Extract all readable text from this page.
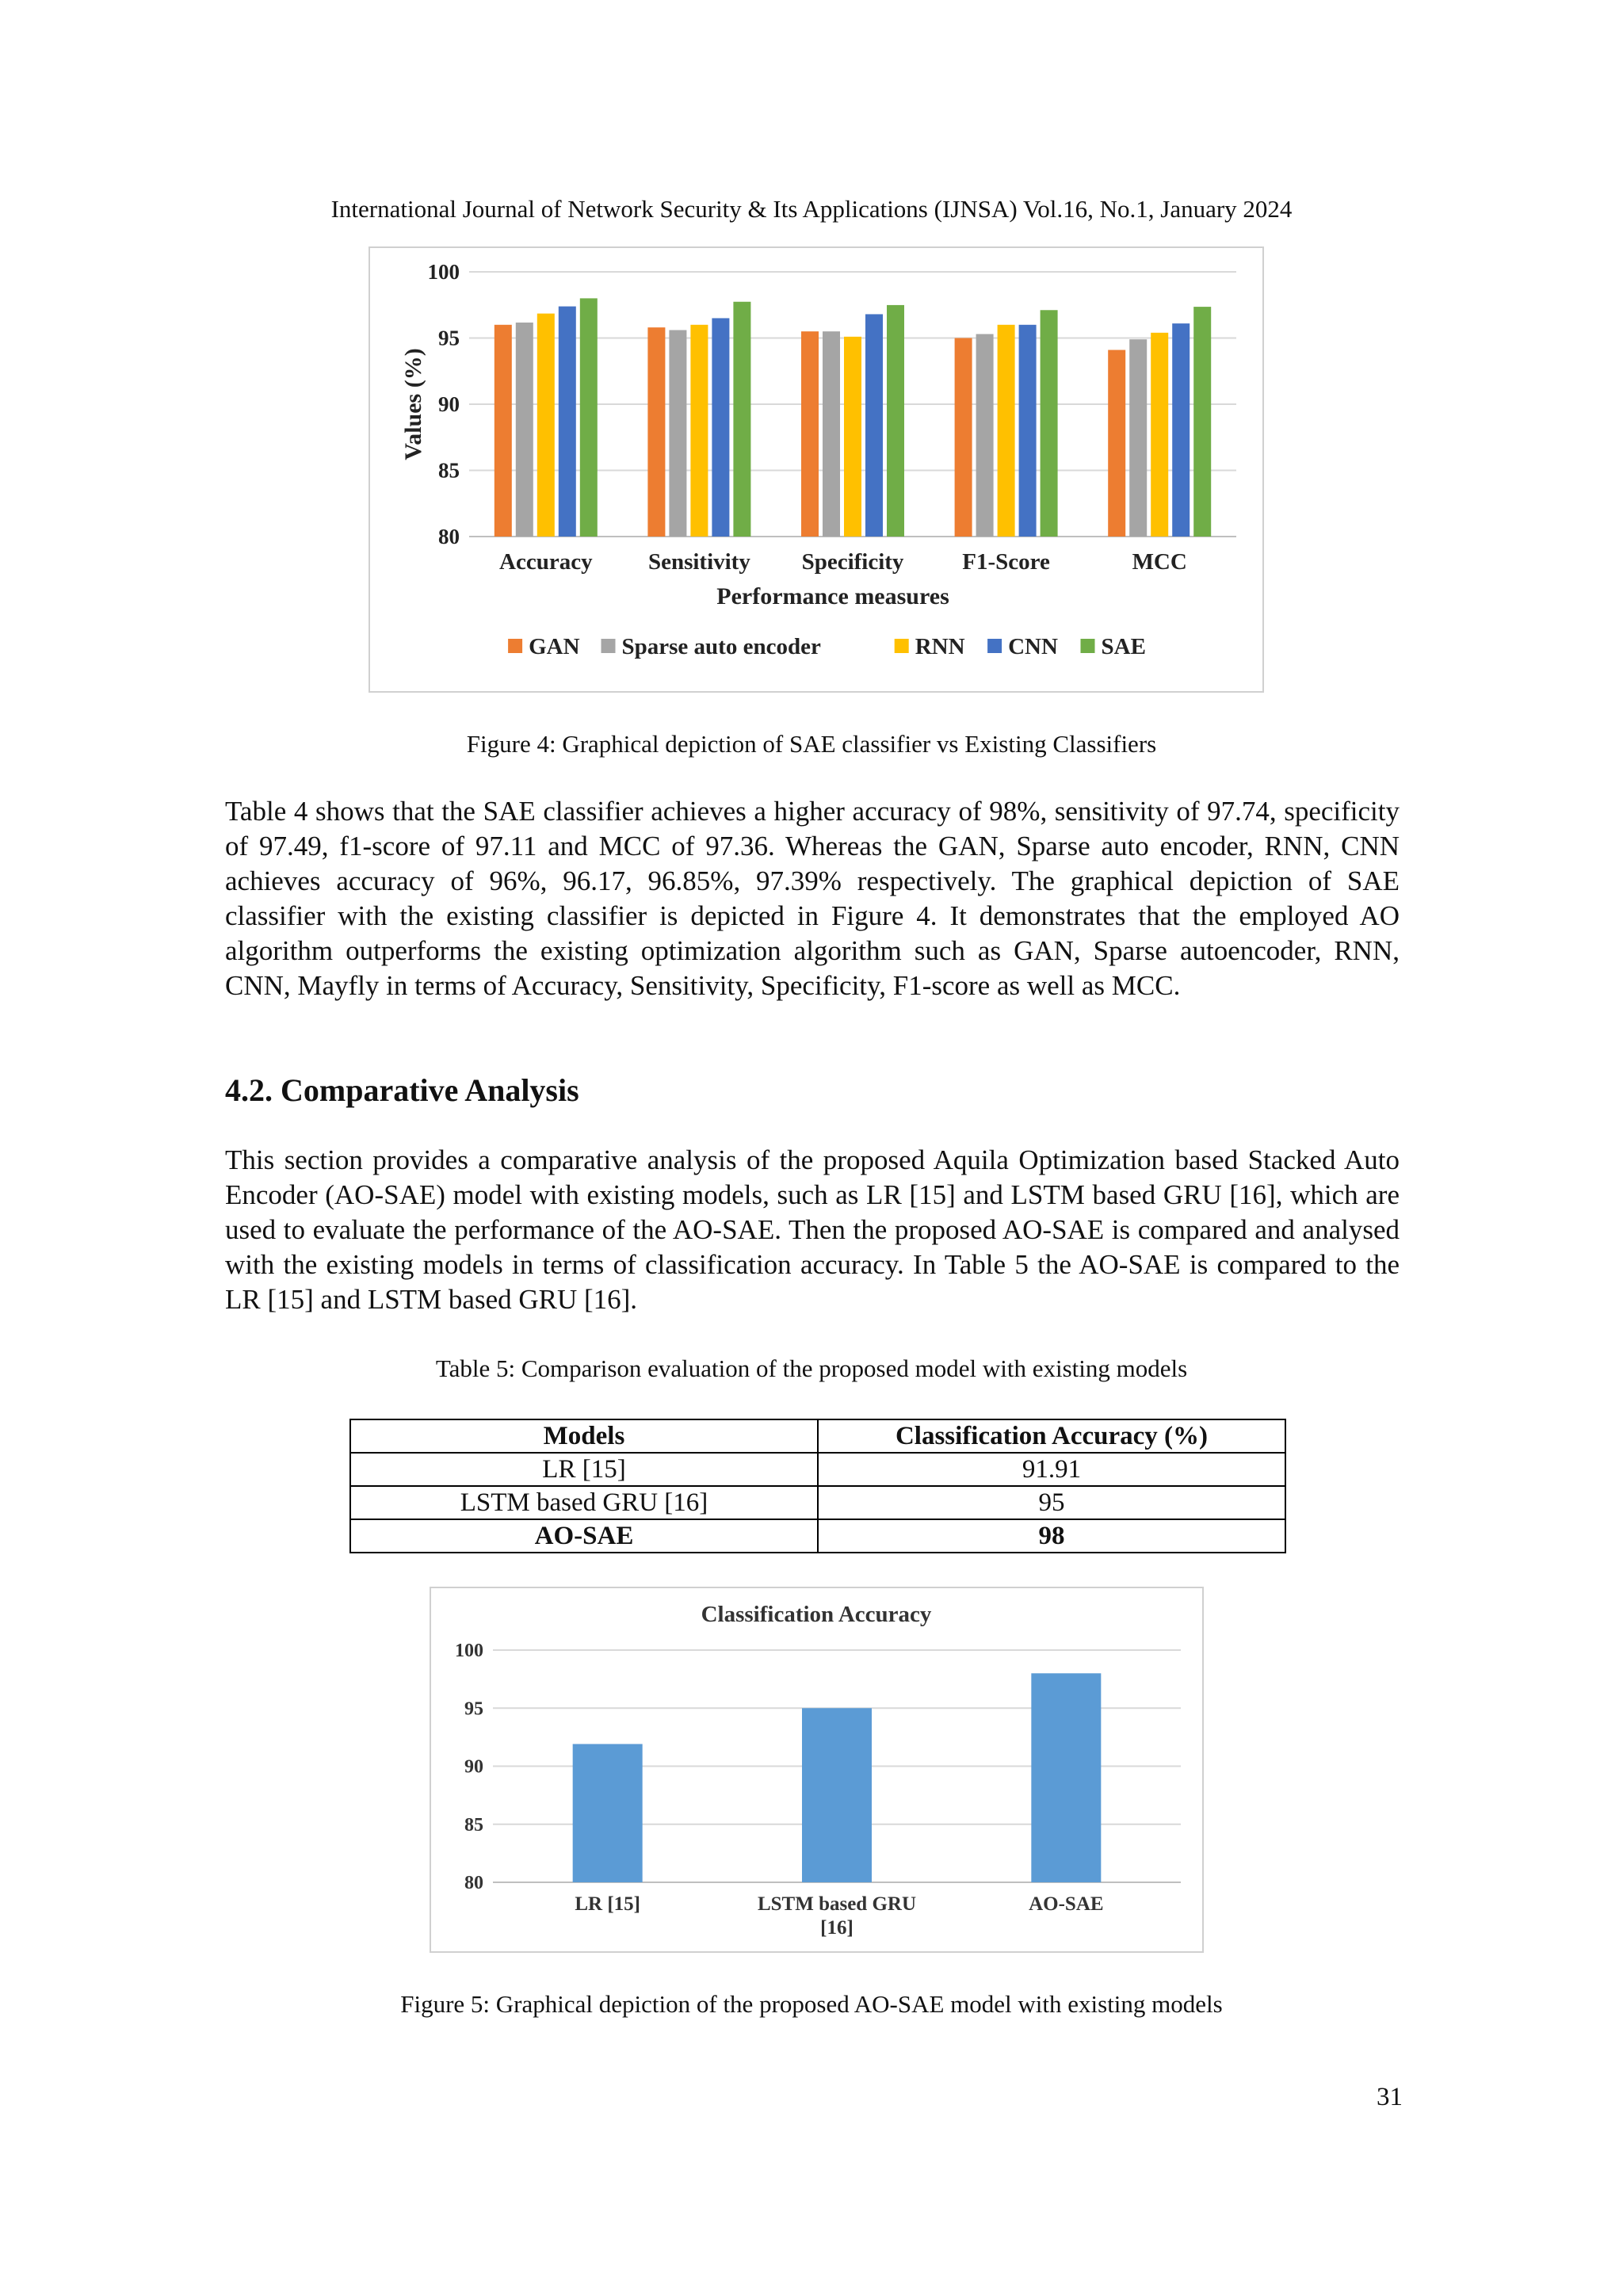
International Journal of Network Security & Its Applications (IJNSA) Vol.16, No.1, January 2024
80
85
90
95
100
Values (%)
Accuracy Sensitivity Specificity	F1-Score	MCC
Performance measures
GAN Sparse auto encoder	RNN CNN SAE
Figure 4: Graphical depiction of SAE classifier vs Existing Classifiers
Table 4 shows that the SAE classifier achieves a higher accuracy of 98%, sensitivity of 97.74, specificity of 97.49, f1-score of 97.11 and MCC of 97.36. Whereas the GAN, Sparse auto encoder, RNN, CNN achieves accuracy of 96%, 96.17, 96.85%, 97.39% respectively. The graphical depiction of SAE classifier with the existing classifier is depicted in Figure 4. It demonstrates that the employed AO algorithm outperforms the existing optimization algorithm such as GAN, Sparse autoencoder, RNN, CNN, Mayfly in terms of Accuracy, Sensitivity, Specificity, F1-score as well as MCC.
4.2. Comparative Analysis
This section provides a comparative analysis of the proposed Aquila Optimization based Stacked Auto Encoder (AO-SAE) model with existing models, such as LR [15] and LSTM based GRU [16], which are used to evaluate the performance of the AO-SAE. Then the proposed AO-SAE is compared and analysed with the existing models in terms of classification accuracy. In Table 5 the AO-SAE is compared to the LR [15] and LSTM based GRU [16].
Table 5: Comparison evaluation of the proposed model with existing models
Models	Classification Accuracy (%)
LR [15]	91.91
LSTM based GRU [16]	95
AO-SAE	98
Classification Accuracy
80
85
90
95
100
LR [15]	LSTM based GRU
[16]
AO-SAE
Figure 5: Graphical depiction of the proposed AO-SAE model with existing models
31
